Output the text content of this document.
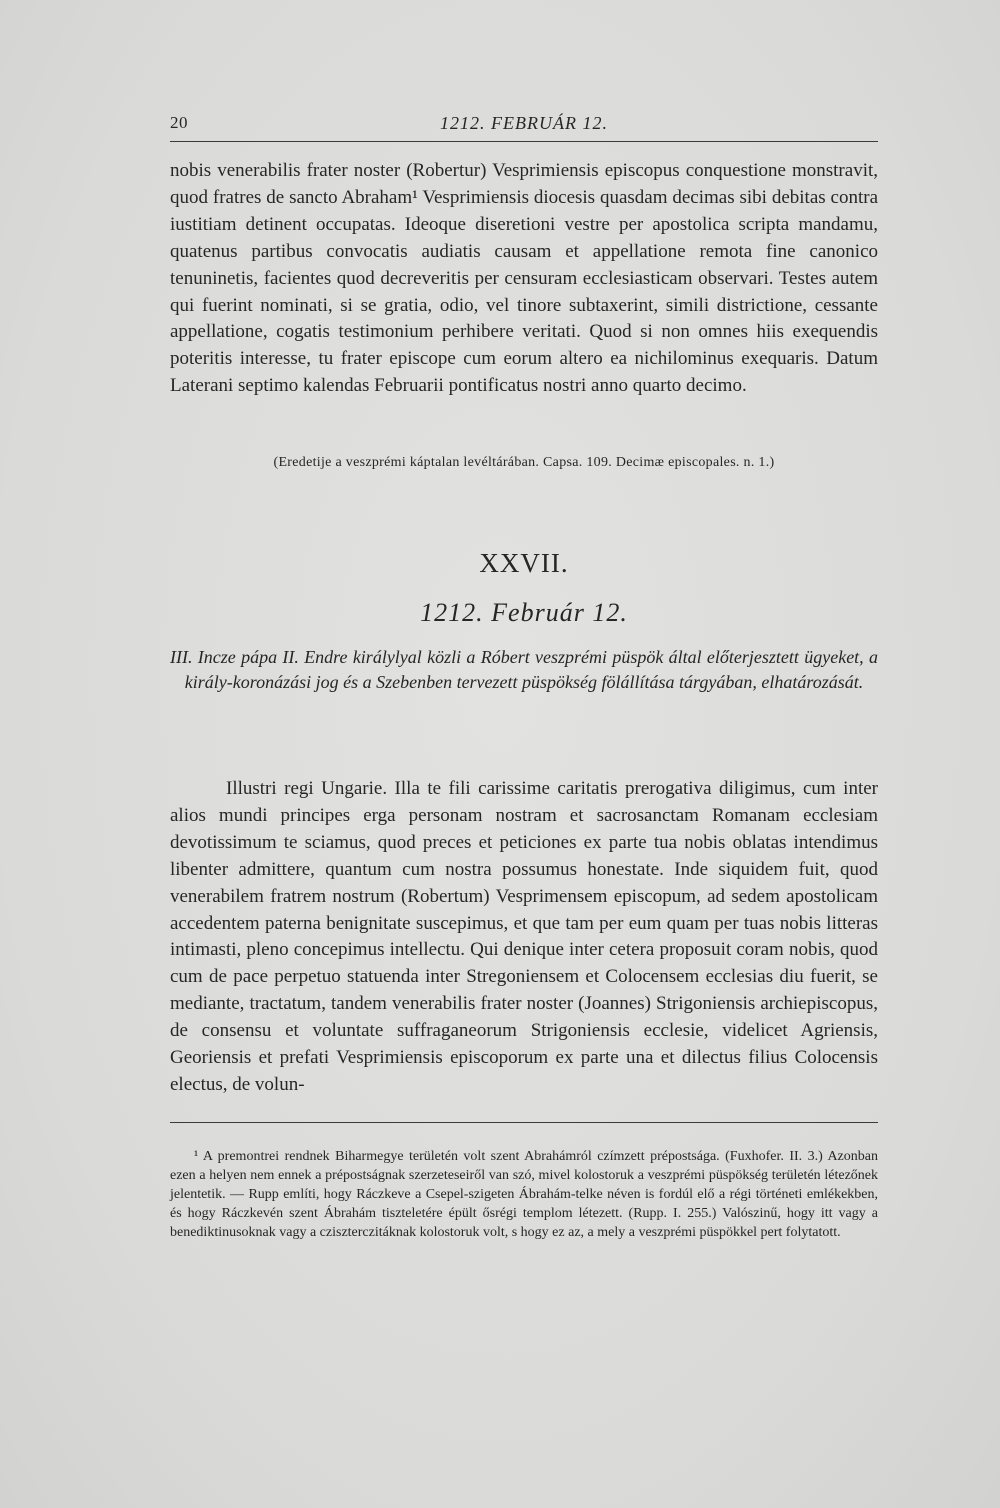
20	1212. FEBRUÁR 12.
nobis venerabilis frater noster (Robertur) Vesprimiensis episcopus conquestione monstravit, quod fratres de sancto Abraham¹ Vesprimiensis diocesis quasdam decimas sibi debitas contra iustitiam detinent occupatas. Ideoque diseretioni vestre per apostolica scripta mandamu, quatenus partibus convocatis audiatis causam et appellatione remota fine canonico tenuninetis, facientes quod decreveritis per censuram ecclesiasticam observari. Testes autem qui fuerint nominati, si se gratia, odio, vel tinore subtaxerint, simili districtione, cessante appellatione, cogatis testimonium perhibere veritati. Quod si non omnes hiis exequendis poteritis interesse, tu frater episcope cum eorum altero ea nichilominus exequaris. Datum Laterani septimo kalendas Februarii pontificatus nostri anno quarto decimo.
(Eredetije a veszprémi káptalan levéltárában. Capsa. 109. Decimæ episcopales. n. 1.)
XXVII.
1212. Február 12.
III. Incze pápa II. Endre királylyal közli a Róbert veszprémi püspök által előterjesztett ügyeket, a király-koronázási jog és a Szebenben tervezett püspökség fölállítása tárgyában, elhatározását.
Illustri regi Ungarie. Illa te fili carissime caritatis prerogativa diligimus, cum inter alios mundi principes erga personam nostram et sacrosanctam Romanam ecclesiam devotissimum te sciamus, quod preces et peticiones ex parte tua nobis oblatas intendimus libenter admittere, quantum cum nostra possumus honestate. Inde siquidem fuit, quod venerabilem fratrem nostrum (Robertum) Vesprimensem episcopum, ad sedem apostolicam accedentem paterna benignitate suscepimus, et que tam per eum quam per tuas nobis litteras intimasti, pleno concepimus intellectu. Qui denique inter cetera proposuit coram nobis, quod cum de pace perpetuo statuenda inter Stregoniensem et Colocensem ecclesias diu fuerit, se mediante, tractatum, tandem venerabilis frater noster (Joannes) Strigoniensis archiepiscopus, de consensu et voluntate suffraganeorum Strigoniensis ecclesie, videlicet Agriensis, Georiensis et prefati Vesprimiensis episcoporum ex parte una et dilectus filius Colocensis electus, de volun-
¹ A premontrei rendnek Biharmegye területén volt szent Abrahámról czímzett prépostsága. (Fuxhofer. II. 3.) Azonban ezen a helyen nem ennek a prépostságnak szerzeteseiről van szó, mivel kolostoruk a veszprémi püspökség területén létezőnek jelentetik. — Rupp említi, hogy Ráczkeve a Csepel-szigeten Ábrahám-telke néven is fordúl elő a régi történeti emlékekben, és hogy Ráczkevén szent Ábrahám tiszteletére épült ősrégi templom létezett. (Rupp. I. 255.) Valószinű, hogy itt vagy a benediktinusoknak vagy a cziszterczitáknak kolostoruk volt, s hogy ez az, a mely a veszprémi püspökkel pert folytatott.
